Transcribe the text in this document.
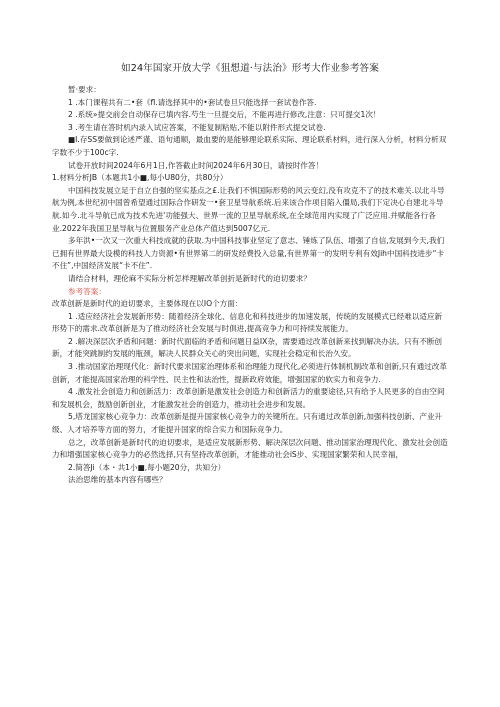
如24年国家开放大学《狙想道·与法治》形考大作业参考答案

暂·要求：

1 .本门课程共有二•套《fl.请选择其中的•套试卷旦只能选择一套试卷作答.

2 .系统»提交前会自动保存已填内容.芍生一旦提交后，不能再进行修改,注意：只可提交1次！

3 .考生请在答时机内录入试应答案，不能复制粘贴,不能以附件形式提交试卷.

■I.存SS要做到论述严谨、语句通顺，最血要的是能够理论联系实际、理论联系材料，进行深入分析，材料分析双字数不少于100c字.

试卷开放时间2024年6月1日,作答截止时间2024年6月30日，请按时作答！

1.材料分析JB（本题共1小■,每小U80分，共80分）

中国科技发展立足于自立自强的坚实基点之£.让我们不惧国际形势的风云变幻,没有攻克不了的技术难关.以北斗导航为例,本世纪初中国曾希望通过国际合作研发一•套卫星导航系统.后来该合作项目陷入僵局,我们下定决心自建北斗导航.如今.北斗导航已成为技术先进'功能强大、世界一流的卫星导航系统,在全球范用内实现了广泛应用.并赋能各行各业.2022年我国卫星导航与位置服务产业总体产值达到5007亿元.

多年洪•一次又一次重大科技成就的获取.为中国科技事业坚定了意志、锤炼了队伍、增强了自信,发展到今天,我们已拥有世界最大设模的科技人力资源•有世界第二的研发经费投入总量,有世界第一的发明专利有效Jih中国科技进步“卡不住”,中国经济发展“卡不住”.

请结合材料，理伦麻不实际分析怎样理解改革创折是新时代的迫切要求？

参考答案：

改革创新是新时代的迫切要求，主要体现在以IO个方面：

1 .适应经济社会发展新形势：随着经济全球化、信息化和科技进步的加速发展，传统的发展模式已经难以适应新形势下的需求.改革创新是为了推动经济社会发展与时俱进,提高竞争力和可持续发展能力。

2 .解决深层次矛盾和问题：新时代面临的矛盾和问题日益IX杂，需要通过改革创新来找到解决办法。只有不断创新，才能突跳制约发展的瓶颈，解决人民群众关心的突出问题，实现社会稳定和长治久安。

3 .推动国家治理现代化：新时代要求国家治理体系和治理能力现代化,必须进行体制机制改革和创新,只有通过改革创新，才能提高国家治理的科学性、民主性和法治性，提新政府效能，增强国家的软实力和竞争力.

4 .激发社会创造力和创新活力：改革创新是激发社会创造力和创新活力的重要途径,只有给予人民更多的自由空间和发展机会，鼓励创新创业，才能激发社会的创造力，推动社会进步和发展。

5,塔龙国家核心竞争力：改革创新是提升国家核心竞争力的关键所在。只有通过改革创新,加强科技创新、产业升级、人才培养等方面的努力，才能提升国家的综合实力和国际竞争力。

总之，改革创新是新时代的迫切要求，是适应发展新形势、解决深层次问题、推动国家治理现代化、激发社会创造力和增强国家核心竞争力的必然选择,只有坚持改革创新，才能推动社会iS步、实现国家繁荣和人民幸福，

2.简答Ji（本・共1小■,每小题20分，共知分）

法治思维的基本内容有哪些？
